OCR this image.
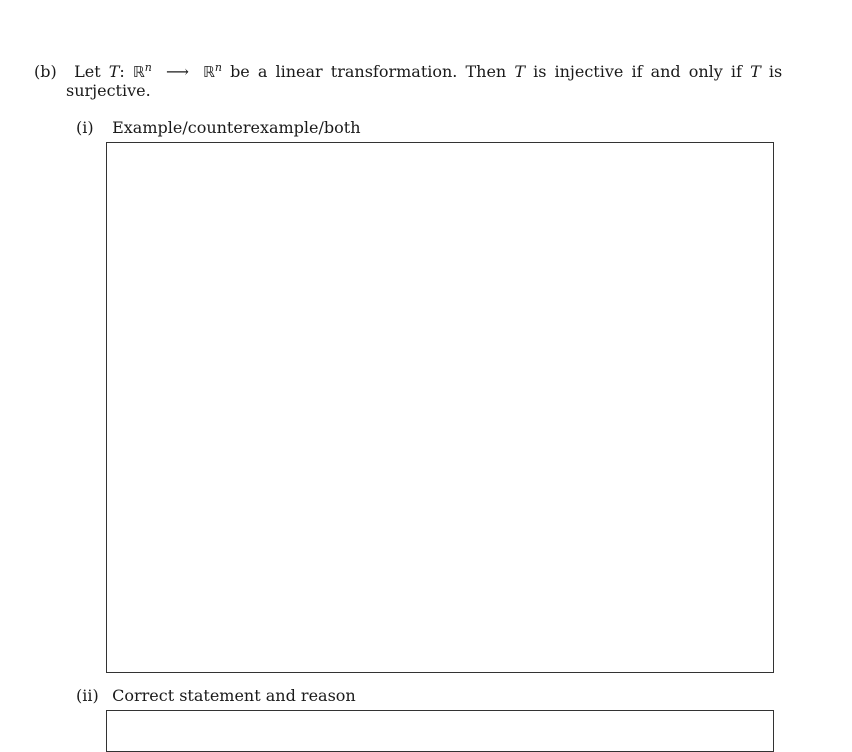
(b) Let T: ℝ$^n$ ⟶ ℝ$^n$ be a linear transformation. Then T is injective if and only if T is
surjective.
(i) Example/counterexample/both
(ii) Correct statement and reason
